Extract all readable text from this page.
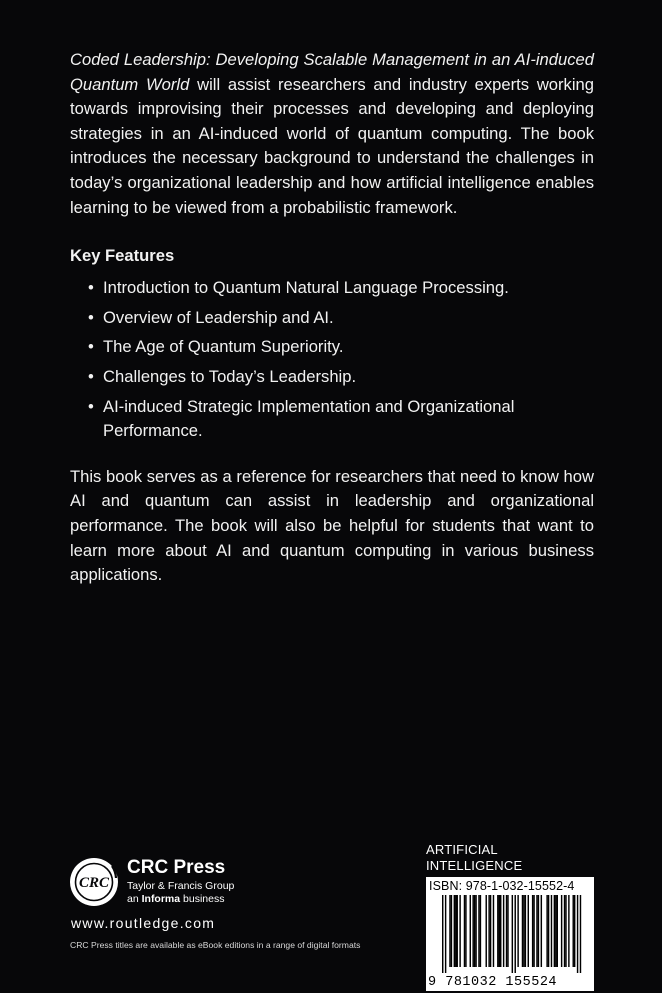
Coded Leadership: Developing Scalable Management in an AI-induced Quantum World will assist researchers and industry experts working towards improvising their processes and developing and deploying strategies in an AI-induced world of quantum computing. The book introduces the necessary background to understand the challenges in today’s organizational leadership and how artificial intelligence enables learning to be viewed from a probabilistic framework.

Key Features
• Introduction to Quantum Natural Language Processing.
• Overview of Leadership and AI.
• The Age of Quantum Superiority.
• Challenges to Today’s Leadership.
• AI-induced Strategic Implementation and Organizational Performance.

This book serves as a reference for researchers that need to know how AI and quantum can assist in leadership and organizational performance. The book will also be helpful for students that want to learn more about AI and quantum computing in various business applications.

CRC
CRC Press
Taylor & Francis Group
an Informa business
www.routledge.com
CRC Press titles are available as eBook editions in a range of digital formats
ARTIFICIAL INTELLIGENCE
ISBN: 978-1-032-15552-4
9 781032 155524
